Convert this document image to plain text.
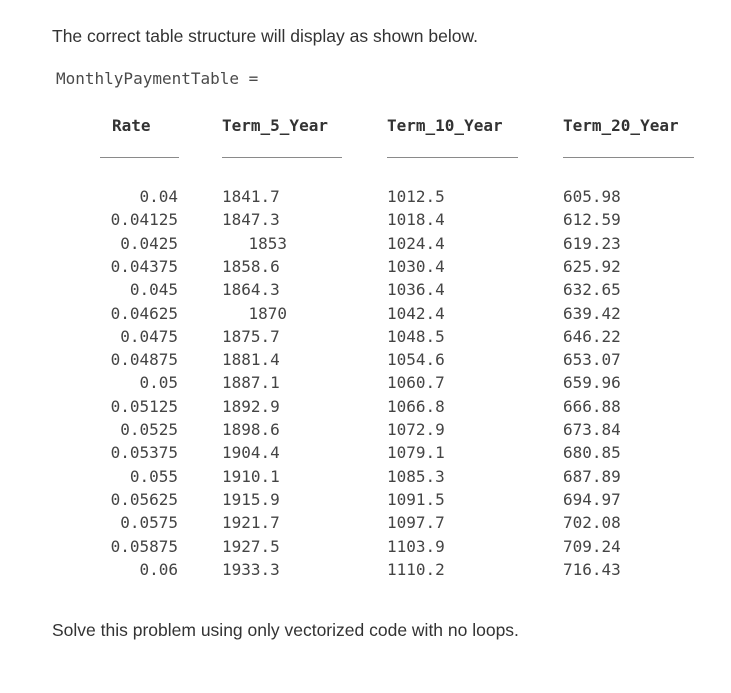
The correct table structure will display as shown below.

MonthlyPaymentTable =
Rate	Term_5_Year	Term_10_Year	Term_20_Year
0.04	1841.7	1012.5	605.98
0.04125	1847.3	1018.4	612.59
0.0425	1853	1024.4	619.23
0.04375	1858.6	1030.4	625.92
0.045	1864.3	1036.4	632.65
0.04625	1870	1042.4	639.42
0.0475	1875.7	1048.5	646.22
0.04875	1881.4	1054.6	653.07
0.05	1887.1	1060.7	659.96
0.05125	1892.9	1066.8	666.88
0.0525	1898.6	1072.9	673.84
0.05375	1904.4	1079.1	680.85
0.055	1910.1	1085.3	687.89
0.05625	1915.9	1091.5	694.97
0.0575	1921.7	1097.7	702.08
0.05875	1927.5	1103.9	709.24
0.06	1933.3	1110.2	716.43

Solve this problem using only vectorized code with no loops.
